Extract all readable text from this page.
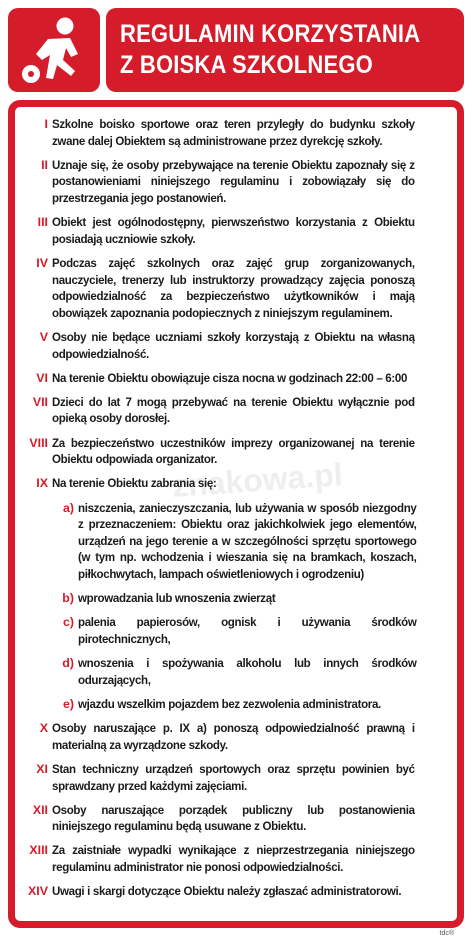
REGULAMIN KORZYSTANIA
Z BOISKA SZKOLNEGO
znakowa.pl
I Szkolne boisko sportowe oraz teren przyległy do budynku szkoły zwane dalej Obiektem są administrowane przez dyrekcję szkoły.
II Uznaje się, że osoby przebywające na terenie Obiektu zapoznały się z postanowieniami niniejszego regulaminu i zobowiązały się do przestrzegania jego postanowień.
III Obiekt jest ogólnodostępny, pierwszeństwo korzystania z Obiektu posiadają uczniowie szkoły.
IV Podczas zajęć szkolnych oraz zajęć grup zorganizowanych, nauczyciele, trenerzy lub instruktorzy prowadzący zajęcia ponoszą odpowiedzialność za bezpieczeństwo użytkowników i mają obowiązek zapoznania podopiecznych z niniejszym regulaminem.
V Osoby nie będące uczniami szkoły korzystają z Obiektu na własną odpowiedzialność.
VI Na terenie Obiektu obowiązuje cisza nocna w godzinach 22:00 – 6:00
VII Dzieci do lat 7 mogą przebywać na terenie Obiektu wyłącznie pod opieką osoby dorosłej.
VIII Za bezpieczeństwo uczestników imprezy organizowanej na terenie Obiektu odpowiada organizator.
IX Na terenie Obiektu zabrania się:
a) niszczenia, zanieczyszczania, lub używania w sposób niezgodny z przeznaczeniem: Obiektu oraz jakichkolwiek jego elementów, urządzeń na jego terenie a w szczególności sprzętu sportowego (w tym np. wchodzenia i wieszania się na bramkach, koszach, piłkochwytach, lampach oświetleniowych i ogrodzeniu)
b) wprowadzania lub wnoszenia zwierząt
c) palenia papierosów, ognisk i używania środków pirotechnicznych,
d) wnoszenia i spożywania alkoholu lub innych środków odurzających,
e) wjazdu wszelkim pojazdem bez zezwolenia administratora.
X Osoby naruszające p. IX a) ponoszą odpowiedzialność prawną i materialną za wyrządzone szkody.
XI Stan techniczny urządzeń sportowych oraz sprzętu powinien być sprawdzany przed każdymi zajęciami.
XII Osoby naruszające porządek publiczny lub postanowienia niniejszego regulaminu będą usuwane z Obiektu.
XIII Za zaistniałe wypadki wynikające z nieprzestrzegania niniejszego regulaminu administrator nie ponosi odpowiedzialności.
XIV Uwagi i skargi dotyczące Obiektu należy zgłaszać administratorowi.
tdc®
